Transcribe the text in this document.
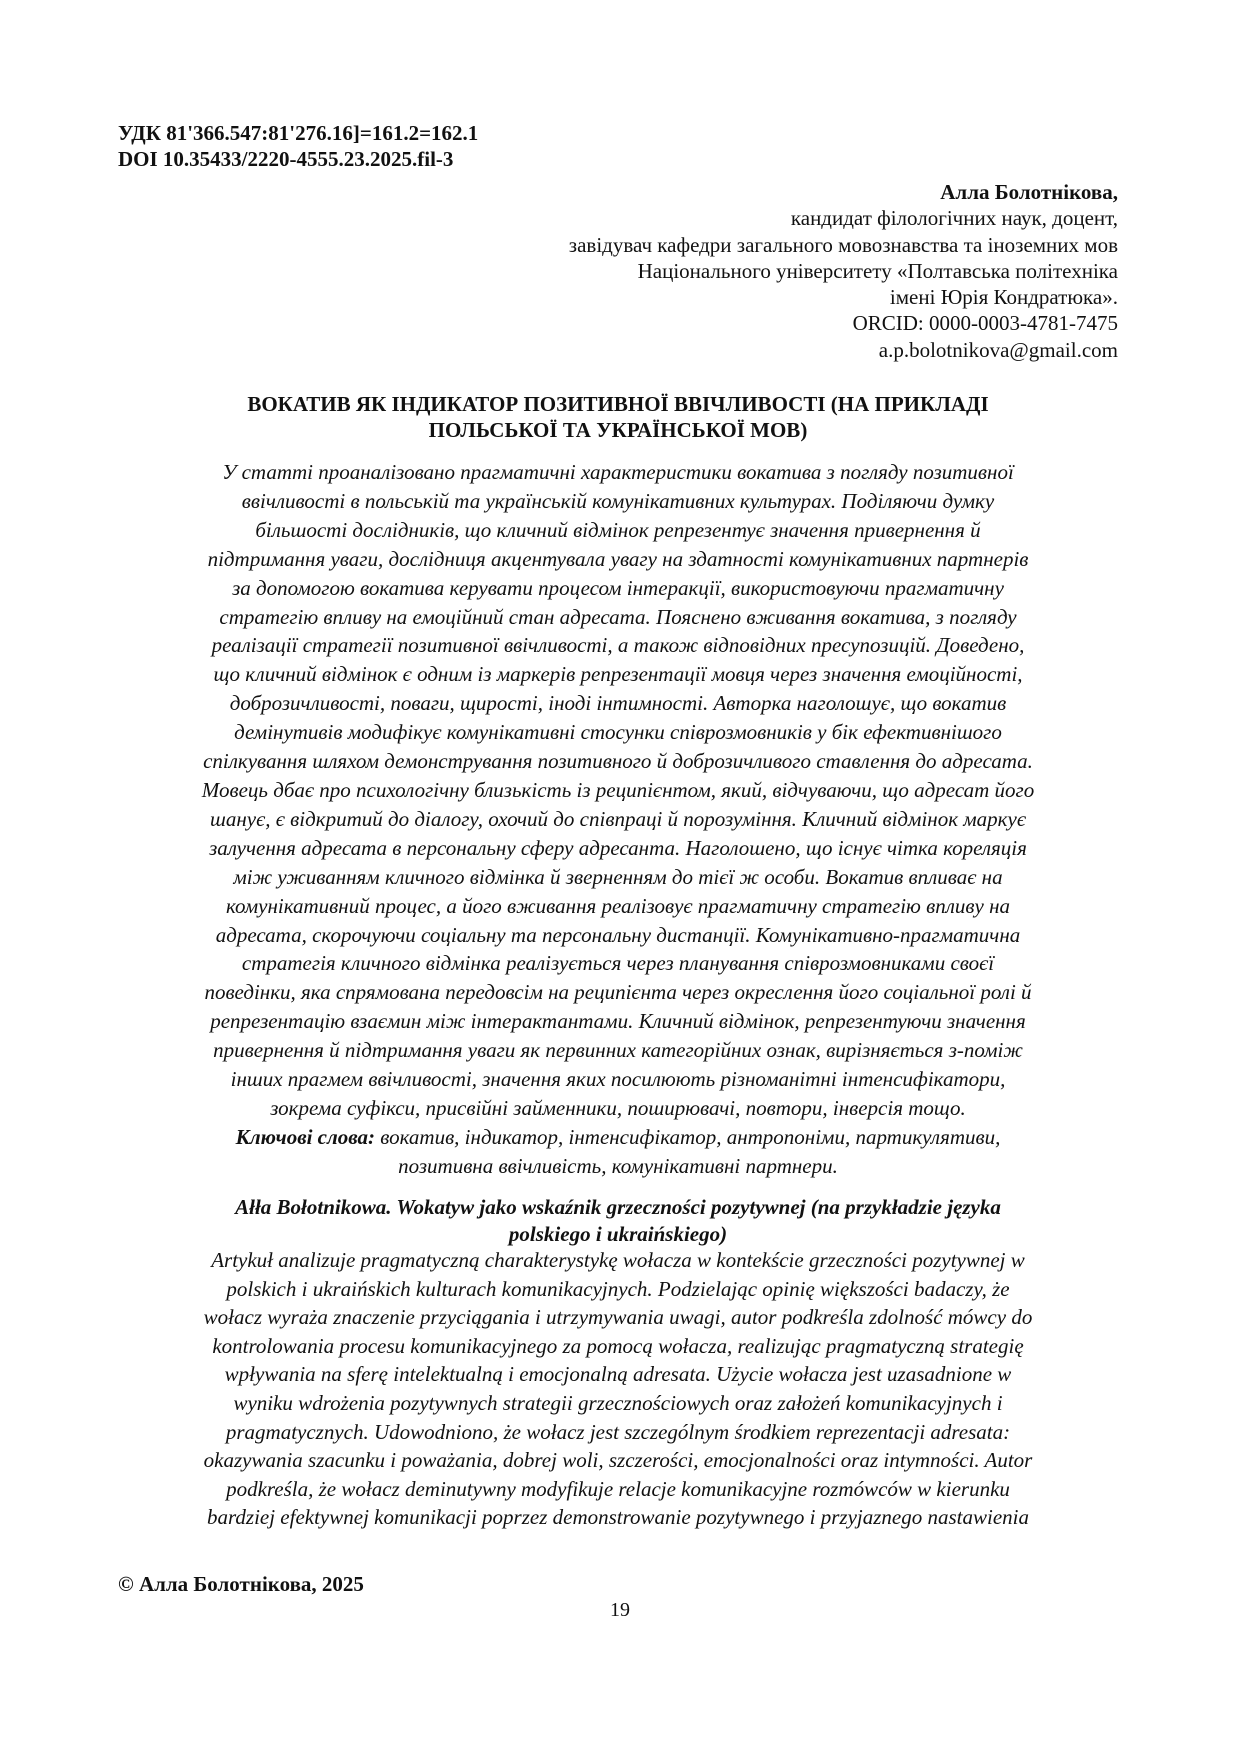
УДК 81'366.547:81'276.16]=161.2=162.1
DOI 10.35433/2220-4555.23.2025.fil-3
Алла Болотнікова,
кандидат філологічних наук, доцент,
завідувач кафедри загального мовознавства та іноземних мов
Національного університету «Полтавська політехніка
імені Юрія Кондратюка».
ORCID: 0000-0003-4781-7475
a.p.bolotnikova@gmail.com
ВОКАТИВ ЯК ІНДИКАТОР ПОЗИТИВНОЇ ВВІЧЛИВОСТІ (НА ПРИКЛАДІ
ПОЛЬСЬКОЇ ТА УКРАЇНСЬКОЇ МОВ)
У статті проаналізовано прагматичні характеристики вокатива з погляду позитивної
ввічливості в польській та українській комунікативних культурах. Поділяючи думку
більшості дослідників, що кличний відмінок репрезентує значення привернення й
підтримання уваги, дослідниця акцентувала увагу на здатності комунікативних партнерів
за допомогою вокатива керувати процесом інтеракції, використовуючи прагматичну
стратегію впливу на емоційний стан адресата. Пояснено вживання вокатива, з погляду
реалізації стратегії позитивної ввічливості, а також відповідних пресупозицій. Доведено,
що кличний відмінок є одним із маркерів репрезентації мовця через значення емоційності,
доброзичливості, поваги, щирості, іноді інтимності. Авторка наголошує, що вокатив
демінутивів модифікує комунікативні стосунки співрозмовників у бік ефективнішого
спілкування шляхом демонстрування позитивного й доброзичливого ставлення до адресата.
Мовець дбає про психологічну близькість із реципієнтом, який, відчуваючи, що адресат його
шанує, є відкритий до діалогу, охочий до співпраці й порозуміння. Кличний відмінок маркує
залучення адресата в персональну сферу адресанта. Наголошено, що існує чітка кореляція
між уживанням кличного відмінка й зверненням до тієї ж особи. Вокатив впливає на
комунікативний процес, а його вживання реалізовує прагматичну стратегію впливу на
адресата, скорочуючи соціальну та персональну дистанції. Комунікативно-прагматична
стратегія кличного відмінка реалізується через планування співрозмовниками своєї
поведінки, яка спрямована передовсім на реципієнта через окреслення його соціальної ролі й
репрезентацію взаємин між інтерактантами. Кличний відмінок, репрезентуючи значення
привернення й підтримання уваги як первинних категорійних ознак, вирізняється з-поміж
інших прагмем ввічливості, значення яких посилюють різноманітні інтенсифікатори,
зокрема суфікси, присвійні займенники, поширювачі, повтори, інверсія тощо.
Ключові слова: вокатив, індикатор, інтенсифікатор, антропоніми, партикулятиви,
позитивна ввічливість, комунікативні партнери.
Ałła Bołotnikowa. Wokatyw jako wskaźnik grzeczności pozytywnej (na przykładzie języka
polskiego i ukraińskiego)
Artykuł analizuje pragmatyczną charakterystykę wołacza w kontekście grzeczności pozytywnej w
polskich i ukraińskich kulturach komunikacyjnych. Podzielając opinię większości badaczy, że
wołacz wyraża znaczenie przyciągania i utrzymywania uwagi, autor podkreśla zdolność mówcy do
kontrolowania procesu komunikacyjnego za pomocą wołacza, realizując pragmatyczną strategię
wpływania na sferę intelektualną i emocjonalną adresata. Użycie wołacza jest uzasadnione w
wyniku wdrożenia pozytywnych strategii grzecznościowych oraz założeń komunikacyjnych i
pragmatycznych. Udowodniono, że wołacz jest szczególnym środkiem reprezentacji adresata:
okazywania szacunku i poważania, dobrej woli, szczerości, emocjonalności oraz intymności. Autor
podkreśla, że wołacz deminutywny modyfikuje relacje komunikacyjne rozmówców w kierunku
bardziej efektywnej komunikacji poprzez demonstrowanie pozytywnego i przyjaznego nastawienia
© Алла Болотнікова, 2025
19
